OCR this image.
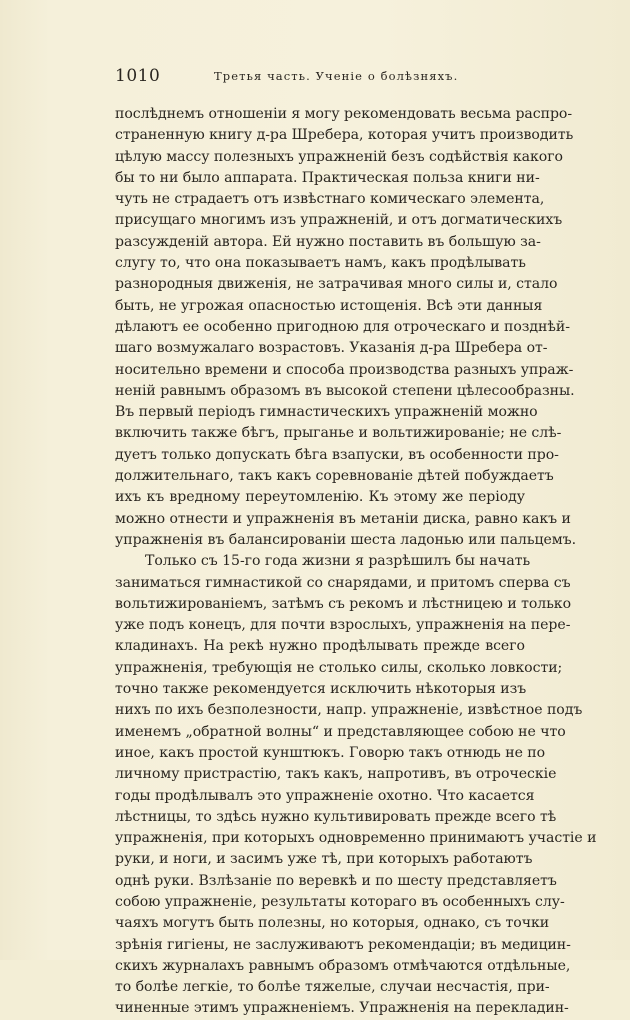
1010	Третья часть. Ученіе о болѣзняхъ.
послѣднемъ отношеніи я могу рекомендовать весьма распро-
страненную книгу д-ра Шребера, которая учитъ производить
цѣлую массу полезныхъ упражненій безъ содѣйствія какого
бы то ни было аппарата. Практическая польза книги ни-
чуть не страдаетъ отъ извѣстнаго комическаго элемента,
присущаго многимъ изъ упражненій, и отъ догматическихъ
разсужденій автора. Ей нужно поставить въ большую за-
слугу то, что она показываетъ намъ, какъ продѣлывать
разнородныя движенія, не затрачивая много силы и, стало
быть, не угрожая опасностью истощенія. Всѣ эти данныя
дѣлаютъ ее особенно пригодною для отроческаго и позднѣй-
шаго возмужалаго возрастовъ. Указанія д-ра Шребера от-
носительно времени и способа производства разныхъ упраж-
неній равнымъ образомъ въ высокой степени цѣлесообразны.
Въ первый періодъ гимнастическихъ упражненій можно
включить также бѣгъ, прыганье и вольтижированіе; не слѣ-
дуетъ только допускать бѣга взапуски, въ особенности про-
должительнаго, такъ какъ соревнованіе дѣтей побуждаетъ
ихъ къ вредному переутомленію. Къ этому же періоду
можно отнести и упражненія въ метаніи диска, равно какъ и
упражненія въ балансированіи шеста ладонью или пальцемъ.
Только съ 15-го года жизни я разрѣшилъ бы начать
заниматься гимнастикой со снарядами, и притомъ сперва съ
вольтижированіемъ, затѣмъ съ рекомъ и лѣстницею и только
уже подъ конецъ, для почти взрослыхъ, упражненія на пере-
кладинахъ. На рекѣ нужно продѣлывать прежде всего
упражненія, требующія не столько силы, сколько ловкости;
точно также рекомендуется исключить нѣкоторыя изъ
нихъ по ихъ безполезности, напр. упражненіе, извѣстное подъ
именемъ „обратной волны“ и представляющее собою не что
иное, какъ простой кунштюкъ. Говорю такъ отнюдь не по
личному пристрастію, такъ какъ, напротивъ, въ отроческіе
годы продѣлывалъ это упражненіе охотно. Что касается
лѣстницы, то здѣсь нужно культивировать прежде всего тѣ
упражненія, при которыхъ одновременно принимаютъ участіе и
руки, и ноги, и засимъ уже тѣ, при которыхъ работаютъ
однѣ руки. Взлѣзаніе по веревкѣ и по шесту представляетъ
собою упражненіе, результаты котораго въ особенныхъ слу-
чаяхъ могутъ быть полезны, но которыя, однако, съ точки
зрѣнія гигіены, не заслуживаютъ рекомендаціи; въ медицин-
скихъ журналахъ равнымъ образомъ отмѣчаются отдѣльные,
то болѣе легкіе, то болѣе тяжелые, случаи несчастія, при-
чиненные этимъ упражненіемъ. Упражненія на перекладин-
